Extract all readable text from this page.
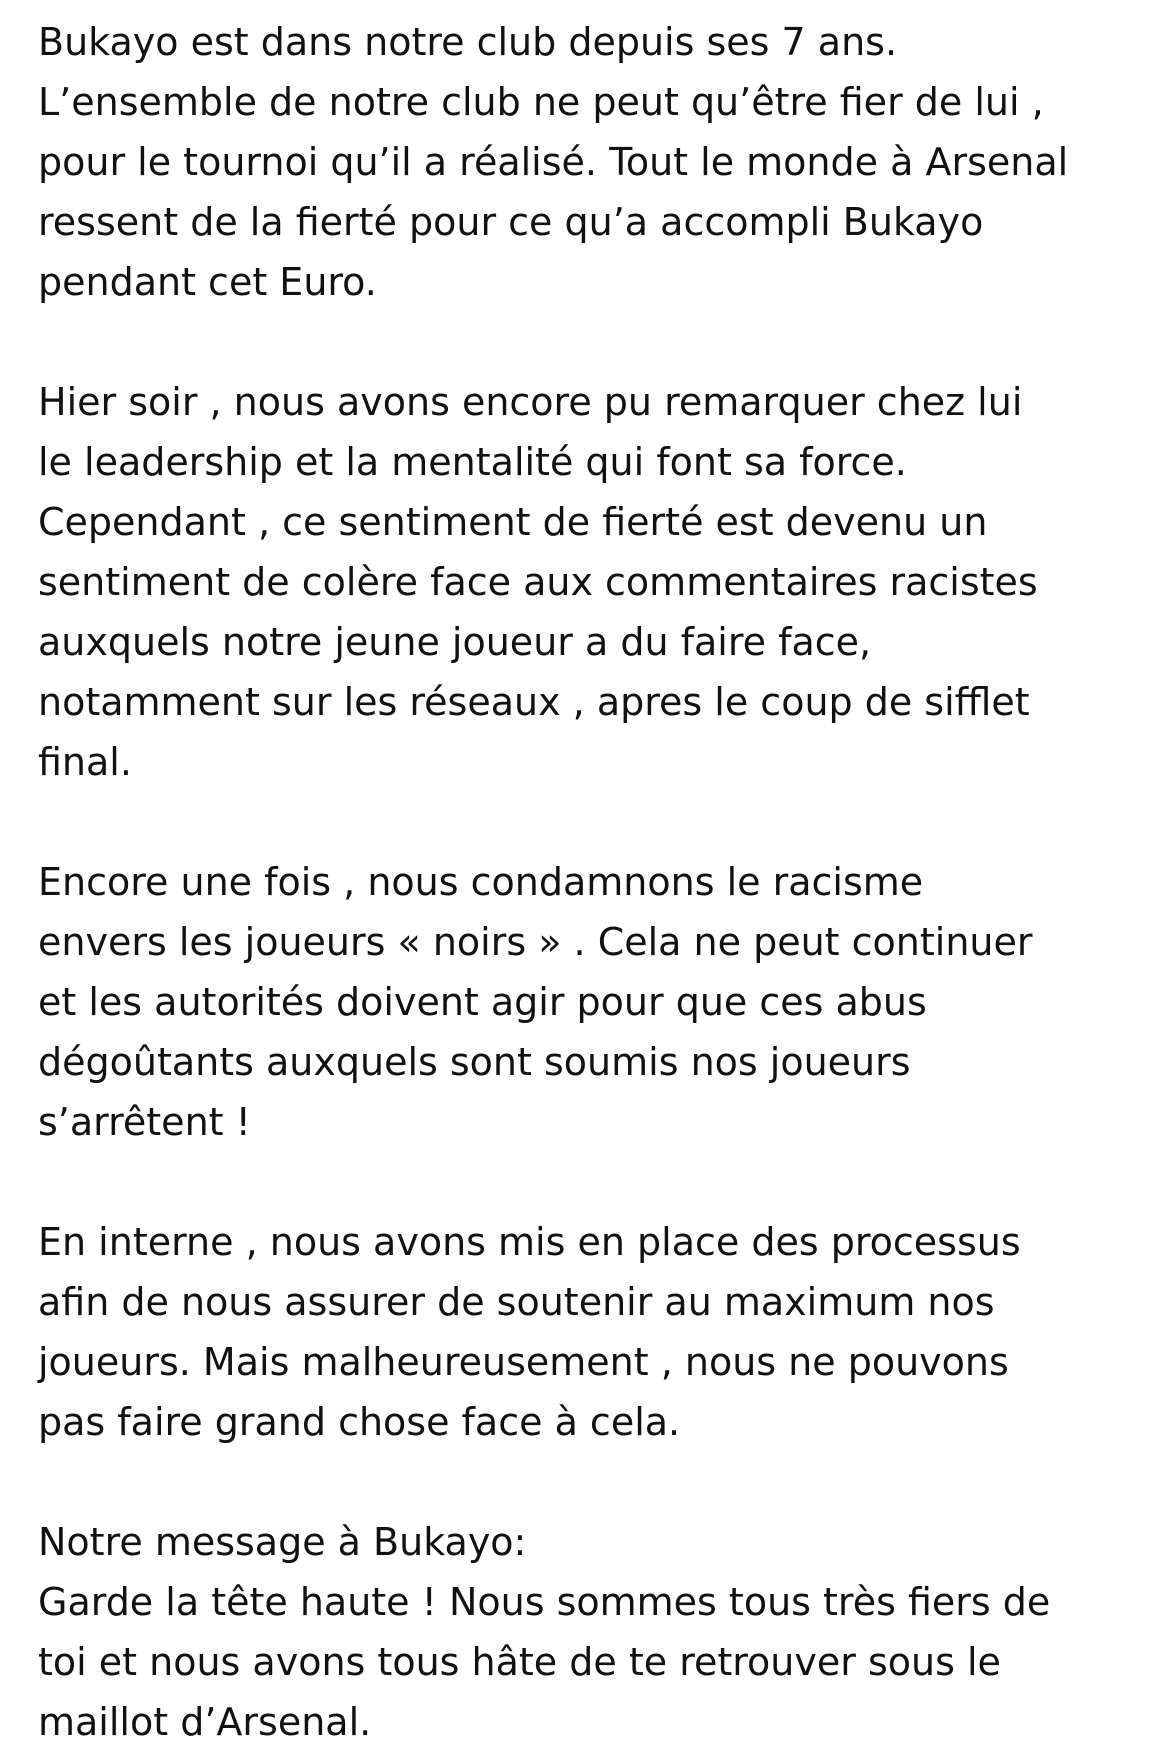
Bukayo est dans notre club depuis ses 7 ans.
L’ensemble de notre club ne peut qu’être fier de lui ,
pour le tournoi qu’il a réalisé. Tout le monde à Arsenal
ressent de la fierté pour ce qu’a accompli Bukayo
pendant cet Euro.
Hier soir , nous avons encore pu remarquer chez lui
le leadership et la mentalité qui font sa force.
Cependant , ce sentiment de fierté est devenu un
sentiment de colère face aux commentaires racistes
auxquels notre jeune joueur a du faire face,
notamment sur les réseaux , apres le coup de sifflet
final.
Encore une fois , nous condamnons le racisme
envers les joueurs « noirs » . Cela ne peut continuer
et les autorités doivent agir pour que ces abus
dégoûtants auxquels sont soumis nos joueurs
s’arrêtent !
En interne , nous avons mis en place des processus
afin de nous assurer de soutenir au maximum nos
joueurs. Mais malheureusement , nous ne pouvons
pas faire grand chose face à cela.
Notre message à Bukayo:
Garde la tête haute ! Nous sommes tous très fiers de
toi et nous avons tous hâte de te retrouver sous le
maillot d’Arsenal.
